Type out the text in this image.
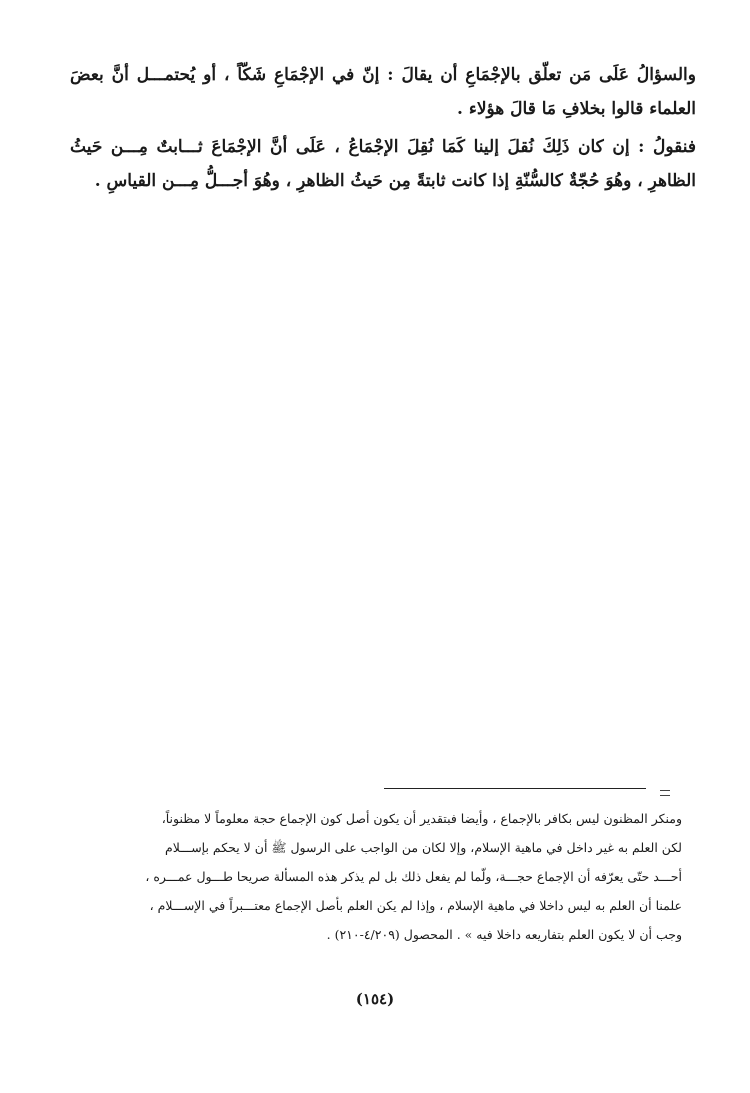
والسؤالُ عَلَى مَن تعلّق بالإجْمَاعِ أن يقالَ : إنّ في الإجْمَاعِ شَكّاً ، أو يُحتمـــل أنَّ بعضَ العلماء قالوا بخلافِ مَا قالَ هؤلاء .

فنقولُ : إن كان ذَلِكَ نُقلَ إلينا كَمَا نُقِلَ الإجْمَاعُ ، عَلَى أنَّ الإجْمَاعَ ثـــابتٌ مِـــن حَيثُ الظاهرِ ، وهُوَ حُجّةٌ كالسُّنّةِ إذا كانت ثابتةً مِن حَيثُ الظاهرِ ، وهُوَ أجـــلُّ مِـــن القياسِ .

ومنكر المظنون ليس بكافر بالإجماع ، وأيضا فبتقدير أن يكون أصل كون الإجماع حجة معلوماً لا مظنوناً،

لكن العلم به غير داخل في ماهية الإسلام، وإلا لكان من الواجب على الرسول ﷺ أن لا يحكم بإســـلام

أحـــد حتّى يعرّفه أن الإجماع حجـــة، ولّما لم يفعل ذلك بل لم يذكر هذه المسألة صريحا طـــول عمـــره ،

علمنا أن العلم به ليس داخلا في ماهية الإسلام ، وإذا لم يكن العلم بأصل الإجماع معتـــبراً في الإســـلام ،

وجب أن لا يكون العلم بتفاريعه داخلا فيه » . المحصول (٤/٢٠٩-٢١٠) .

(١٥٤)
